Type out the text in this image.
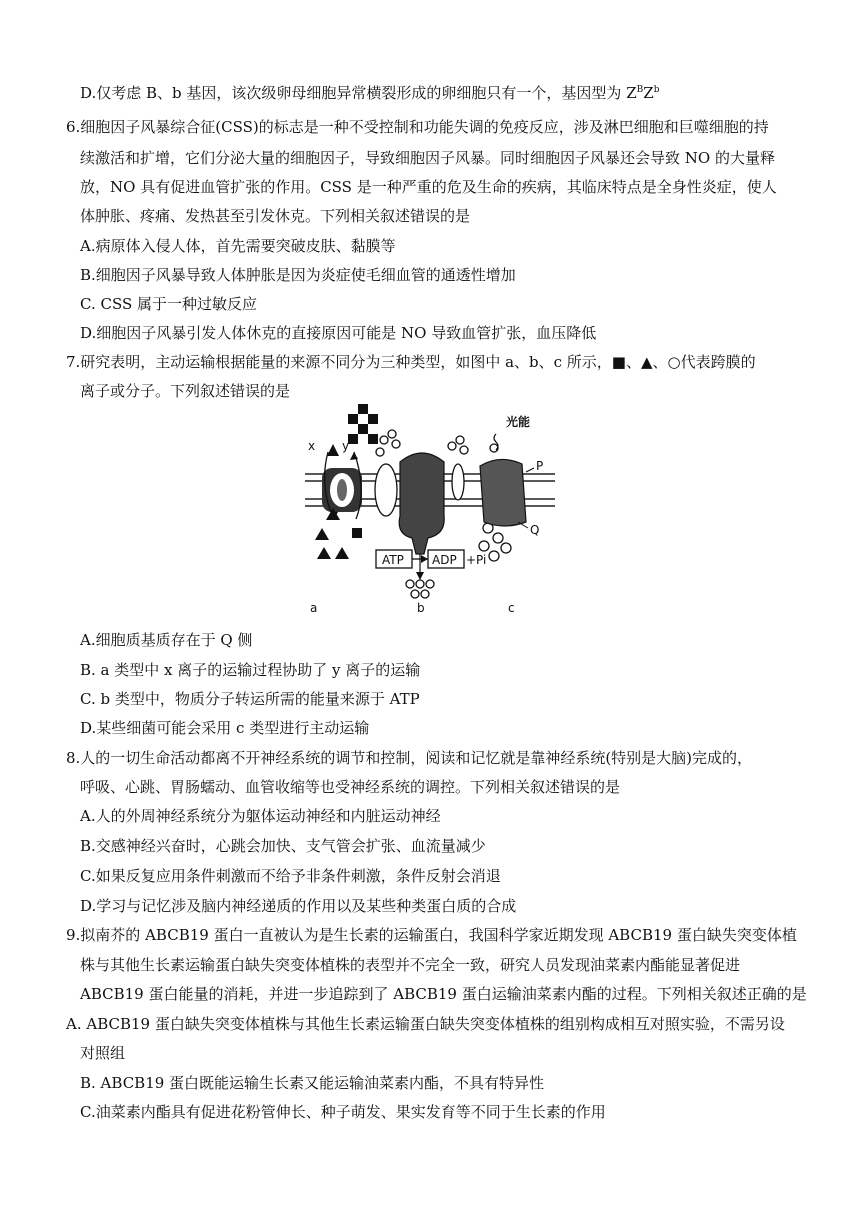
D.仅考虑 B、b 基因，该次级卵母细胞异常横裂形成的卵细胞只有一个，基因型为 $Z^BZ^b$
6.细胞因子风暴综合征(CSS)的标志是一种不受控制和功能失调的免疫反应，涉及淋巴细胞和巨噬细胞的持
续激活和扩增，它们分泌大量的细胞因子，导致细胞因子风暴。同时细胞因子风暴还会导致 NO 的大量释
放，NO 具有促进血管扩张的作用。CSS 是一种严重的危及生命的疾病，其临床特点是全身性炎症，使人
体肿胀、疼痛、发热甚至引发休克。下列相关叙述错误的是
A.病原体入侵人体，首先需要突破皮肤、黏膜等
B.细胞因子风暴导致人体肿胀是因为炎症使毛细血管的通透性增加
C. CSS 属于一种过敏反应
D.细胞因子风暴引发人体休克的直接原因可能是 NO 导致血管扩张，血压降低
7.研究表明，主动运输根据能量的来源不同分为三种类型，如图中 a、b、c 所示，■、▲、○代表跨膜的
离子或分子。下列叙述错误的是
x y
光能
P
Q
ATP ADP +Pi
a	b	c
A.细胞质基质存在于 Q 侧
B. a 类型中 x 离子的运输过程协助了 y 离子的运输
C. b 类型中，物质分子转运所需的能量来源于 ATP
D.某些细菌可能会采用 c 类型进行主动运输
8.人的一切生命活动都离不开神经系统的调节和控制，阅读和记忆就是靠神经系统(特别是大脑)完成的，
呼吸、心跳、胃肠蠕动、血管收缩等也受神经系统的调控。下列相关叙述错误的是
A.人的外周神经系统分为躯体运动神经和内脏运动神经
B.交感神经兴奋时，心跳会加快、支气管会扩张、血流量减少
C.如果反复应用条件刺激而不给予非条件刺激，条件反射会消退
D.学习与记忆涉及脑内神经递质的作用以及某些种类蛋白质的合成
9.拟南芥的 ABCB19 蛋白一直被认为是生长素的运输蛋白，我国科学家近期发现 ABCB19 蛋白缺失突变体植
株与其他生长素运输蛋白缺失突变体植株的表型并不完全一致，研究人员发现油菜素内酯能显著促进
ABCB19 蛋白能量的消耗，并进一步追踪到了 ABCB19 蛋白运输油菜素内酯的过程。下列相关叙述正确的是
A. ABCB19 蛋白缺失突变体植株与其他生长素运输蛋白缺失突变体植株的组别构成相互对照实验，不需另设
对照组
B. ABCB19 蛋白既能运输生长素又能运输油菜素内酯，不具有特异性
C.油菜素内酯具有促进花粉管伸长、种子萌发、果实发育等不同于生长素的作用
